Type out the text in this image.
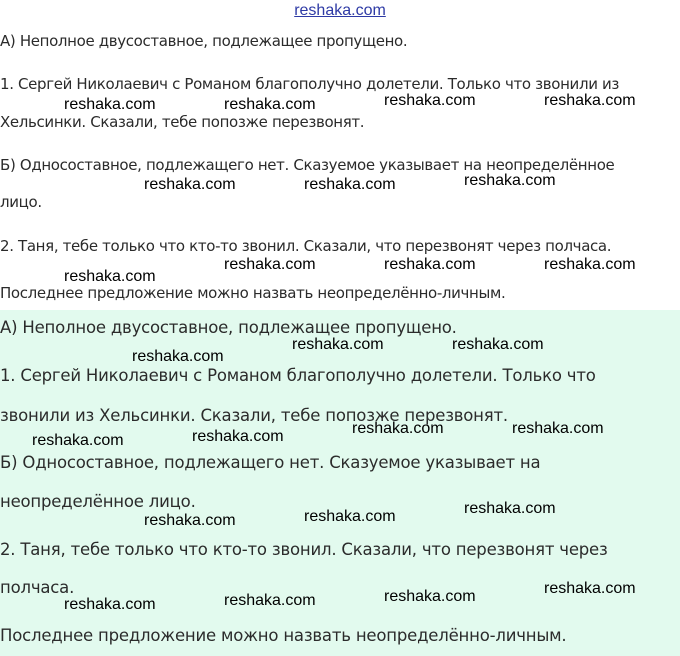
reshaka.com
А) Неполное двусоставное, подлежащее пропущено.
1. Сергей Николаевич с Романом благополучно долетели. Только что звонили из
Хельсинки. Сказали, тебе попозже перезвонят.
Б) Односоставное, подлежащего нет. Сказуемое указывает на неопределённое
лицо.
2. Таня, тебе только что кто-то звонил. Сказали, что перезвонят через полчаса.
Последнее предложение можно назвать неопределённо-личным.
А) Неполное двусоставное, подлежащее пропущено.
1. Сергей Николаевич с Романом благополучно долетели. Только что
звонили из Хельсинки. Сказали, тебе попозже перезвонят.
Б) Односоставное, подлежащего нет. Сказуемое указывает на
неопределённое лицо.
2. Таня, тебе только что кто-то звонил. Сказали, что перезвонят через
полчаса.
Последнее предложение можно назвать неопределённо-личным.
reshaka.com	reshaka.com	reshaka.com	reshaka.com
reshaka.com	reshaka.com	reshaka.com
reshaka.com
reshaka.com	reshaka.com	reshaka.com
reshaka.com
reshaka.com	reshaka.com
reshaka.com	reshaka.com	reshaka.com	reshaka.com
reshaka.com	reshaka.com	reshaka.com
reshaka.com	reshaka.com	reshaka.com	reshaka.com
